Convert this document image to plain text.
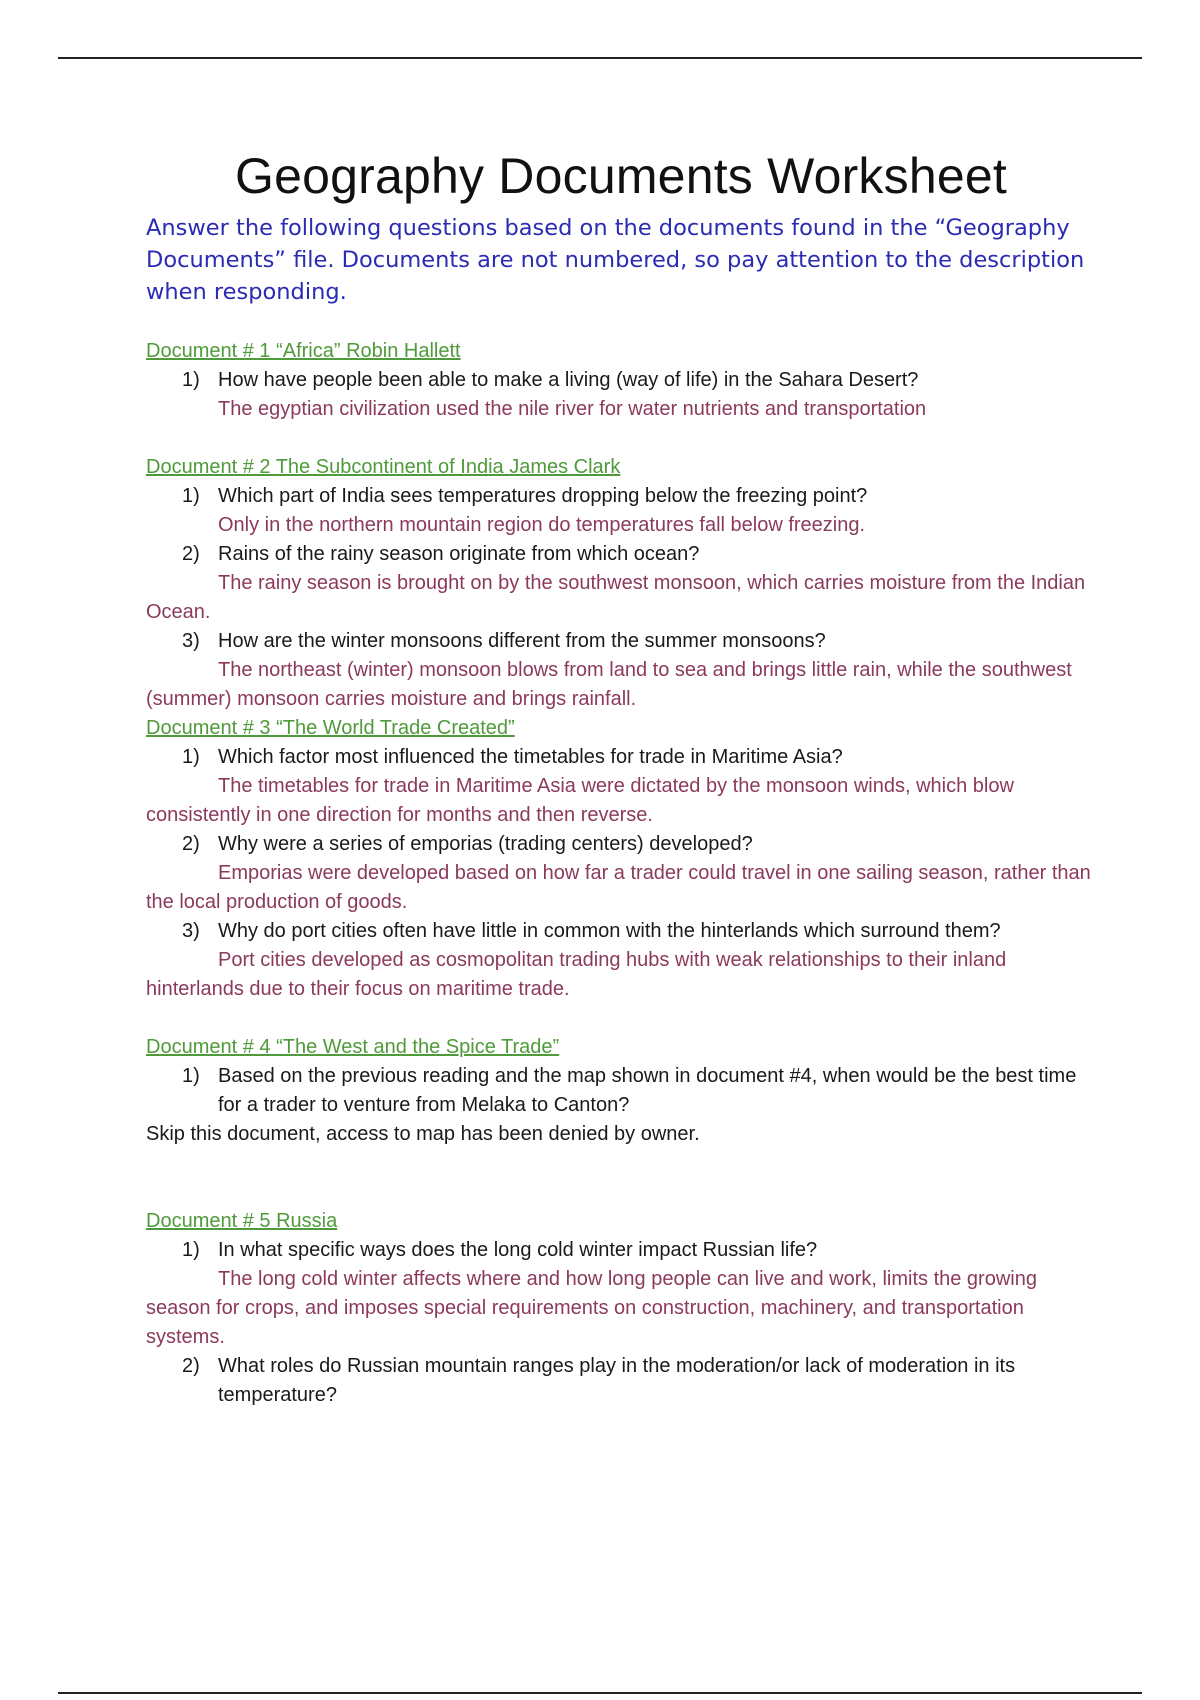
Geography Documents Worksheet

Answer the following questions based on the documents found in the “Geography Documents” file. Documents are not numbered, so pay attention to the description when responding.

Document # 1 “Africa” Robin Hallett
1) How have people been able to make a living (way of life) in the Sahara Desert?
The egyptian civilization used the nile river for water nutrients and transportation
Document # 2 The Subcontinent of India James Clark
1) Which part of India sees temperatures dropping below the freezing point?
Only in the northern mountain region do temperatures fall below freezing.
2) Rains of the rainy season originate from which ocean?
The rainy season is brought on by the southwest monsoon, which carries moisture from the Indian Ocean.
3) How are the winter monsoons different from the summer monsoons?
The northeast (winter) monsoon blows from land to sea and brings little rain, while the southwest (summer) monsoon carries moisture and brings rainfall.
Document # 3 “The World Trade Created”
1) Which factor most influenced the timetables for trade in Maritime Asia?
The timetables for trade in Maritime Asia were dictated by the monsoon winds, which blow consistently in one direction for months and then reverse.
2) Why were a series of emporias (trading centers) developed?
Emporias were developed based on how far a trader could travel in one sailing season, rather than the local production of goods.
3) Why do port cities often have little in common with the hinterlands which surround them?
Port cities developed as cosmopolitan trading hubs with weak relationships to their inland hinterlands due to their focus on maritime trade.
Document # 4 “The West and the Spice Trade”
1) Based on the previous reading and the map shown in document #4, when would be the best time for a trader to venture from Melaka to Canton?
Skip this document, access to map has been denied by owner.
Document # 5 Russia
1) In what specific ways does the long cold winter impact Russian life?
The long cold winter affects where and how long people can live and work, limits the growing season for crops, and imposes special requirements on construction, machinery, and transportation systems.
2) What roles do Russian mountain ranges play in the moderation/or lack of moderation in its temperature?
